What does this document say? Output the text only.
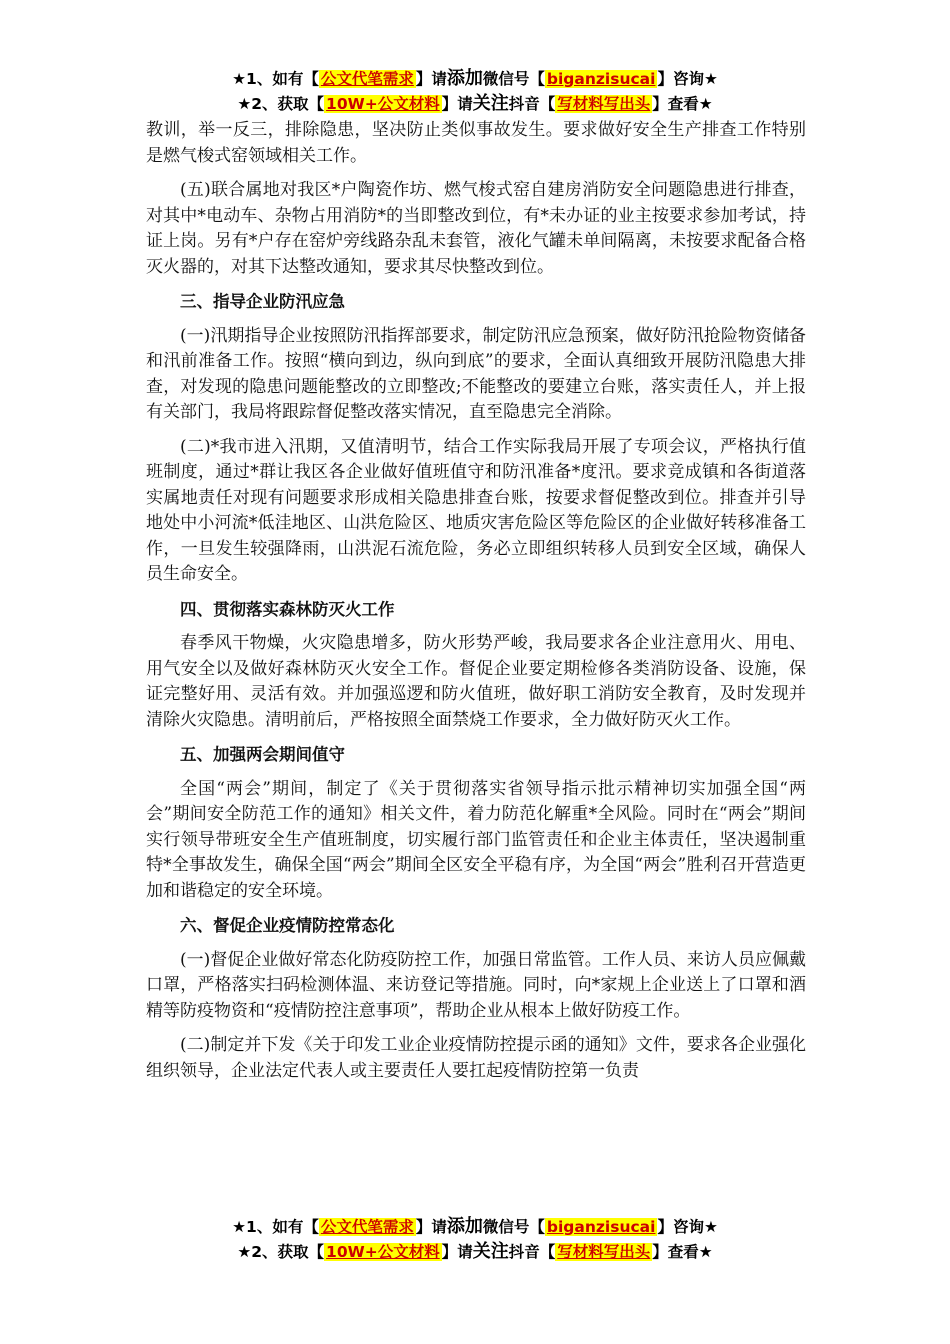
★1、如有【 公文代笔需求 】请添加微信号【 biganzisucai 】咨询★
★2、获取【 10W+公文材料 】请关注抖音【 写材料写出头 】查看★

教训，举一反三，排除隐患，坚决防止类似事故发生。要求做好安全生产排查工作特别是燃气梭式窑领域相关工作。

(五)联合属地对我区*户陶瓷作坊、燃气梭式窑自建房消防安全问题隐患进行排查，对其中*电动车、杂物占用消防*的当即整改到位，有*未办证的业主按要求参加考试，持证上岗。另有*户存在窑炉旁线路杂乱未套管，液化气罐未单间隔离，未按要求配备合格灭火器的，对其下达整改通知，要求其尽快整改到位。

三、指导企业防汛应急

(一)汛期指导企业按照防汛指挥部要求，制定防汛应急预案，做好防汛抢险物资储备和汛前准备工作。按照“横向到边，纵向到底”的要求，全面认真细致开展防汛隐患大排查，对发现的隐患问题能整改的立即整改;不能整改的要建立台账，落实责任人，并上报有关部门，我局将跟踪督促整改落实情况，直至隐患完全消除。

(二)*我市进入汛期，又值清明节，结合工作实际我局开展了专项会议，严格执行值班制度，通过*群让我区各企业做好值班值守和防汛准备*度汛。要求竞成镇和各街道落实属地责任对现有问题要求形成相关隐患排查台账，按要求督促整改到位。排查并引导地处中小河流*低洼地区、山洪危险区、地质灾害危险区等危险区的企业做好转移准备工作，一旦发生较强降雨，山洪泥石流危险，务必立即组织转移人员到安全区域，确保人员生命安全。

四、贯彻落实森林防灭火工作

春季风干物燥，火灾隐患增多，防火形势严峻，我局要求各企业注意用火、用电、用气安全以及做好森林防灭火安全工作。督促企业要定期检修各类消防设备、设施，保证完整好用、灵活有效。并加强巡逻和防火值班，做好职工消防安全教育，及时发现并清除火灾隐患。清明前后，严格按照全面禁烧工作要求，全力做好防灭火工作。

五、加强两会期间值守

全国“两会”期间，制定了《关于贯彻落实省领导指示批示精神切实加强全国“两会”期间安全防范工作的通知》相关文件，着力防范化解重*全风险。同时在“两会”期间实行领导带班安全生产值班制度，切实履行部门监管责任和企业主体责任，坚决遏制重特*全事故发生，确保全国“两会”期间全区安全平稳有序，为全国“两会”胜利召开营造更加和谐稳定的安全环境。

六、督促企业疫情防控常态化

(一)督促企业做好常态化防疫防控工作，加强日常监管。工作人员、来访人员应佩戴口罩，严格落实扫码检测体温、来访登记等措施。同时，向*家规上企业送上了口罩和酒精等防疫物资和“疫情防控注意事项”，帮助企业从根本上做好防疫工作。

(二)制定并下发《关于印发工业企业疫情防控提示函的通知》文件，要求各企业强化组织领导，企业法定代表人或主要责任人要扛起疫情防控第一负责

★1、如有【 公文代笔需求 】请添加微信号【 biganzisucai 】咨询★
★2、获取【 10W+公文材料 】请关注抖音【 写材料写出头 】查看★
